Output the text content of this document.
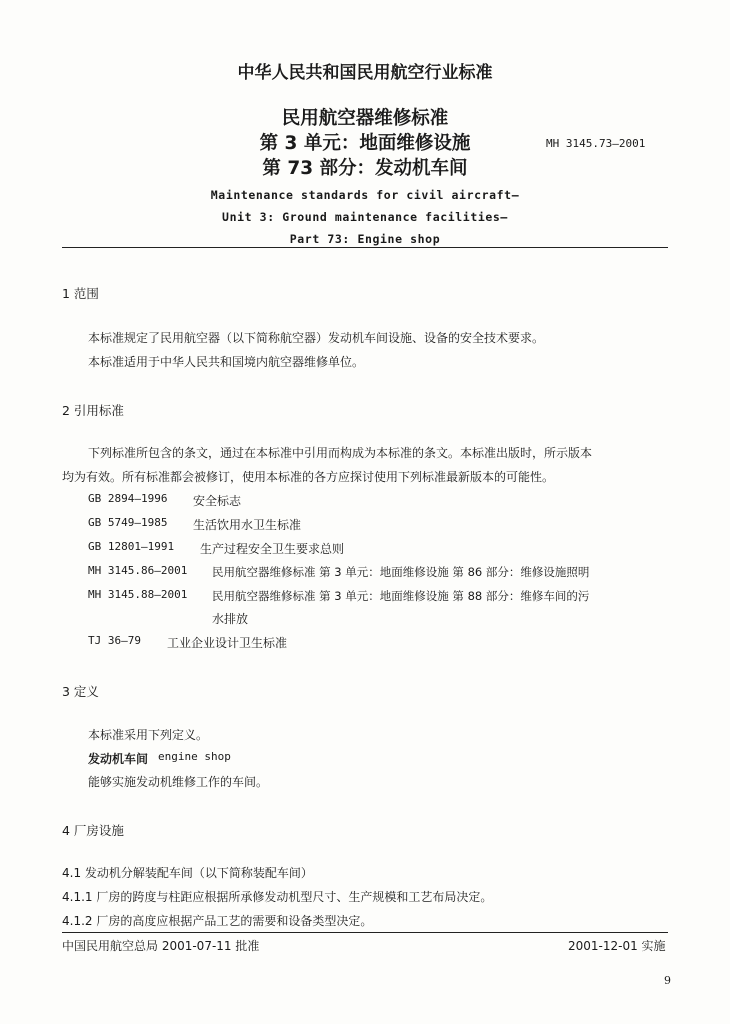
中华人民共和国民用航空行业标准
民用航空器维修标准
第 3 单元：地面维修设施
第 73 部分：发动机车间
MH 3145.73—2001
Maintenance standards for civil aircraft—
Unit 3: Ground maintenance facilities—
Part 73: Engine shop
1 范围
本标准规定了民用航空器（以下简称航空器）发动机车间设施、设备的安全技术要求。
本标准适用于中华人民共和国境内航空器维修单位。
2 引用标准
下列标准所包含的条文，通过在本标准中引用而构成为本标准的条文。本标准出版时，所示版本
均为有效。所有标准都会被修订，使用本标准的各方应探讨使用下列标准最新版本的可能性。
GB 2894—1996 安全标志
GB 5749—1985 生活饮用水卫生标准
GB 12801—1991 生产过程安全卫生要求总则
MH 3145.86—2001 民用航空器维修标准 第 3 单元：地面维修设施 第 86 部分：维修设施照明
MH 3145.88—2001 民用航空器维修标准 第 3 单元：地面维修设施 第 88 部分：维修车间的污
水排放
TJ 36—79 工业企业设计卫生标准
3 定义
本标准采用下列定义。
发动机车间 engine shop
能够实施发动机维修工作的车间。
4 厂房设施
4.1 发动机分解装配车间（以下简称装配车间）
4.1.1 厂房的跨度与柱距应根据所承修发动机型尺寸、生产规模和工艺布局决定。
4.1.2 厂房的高度应根据产品工艺的需要和设备类型决定。
中国民用航空总局 2001-07-11 批准	2001-12-01 实施
9
